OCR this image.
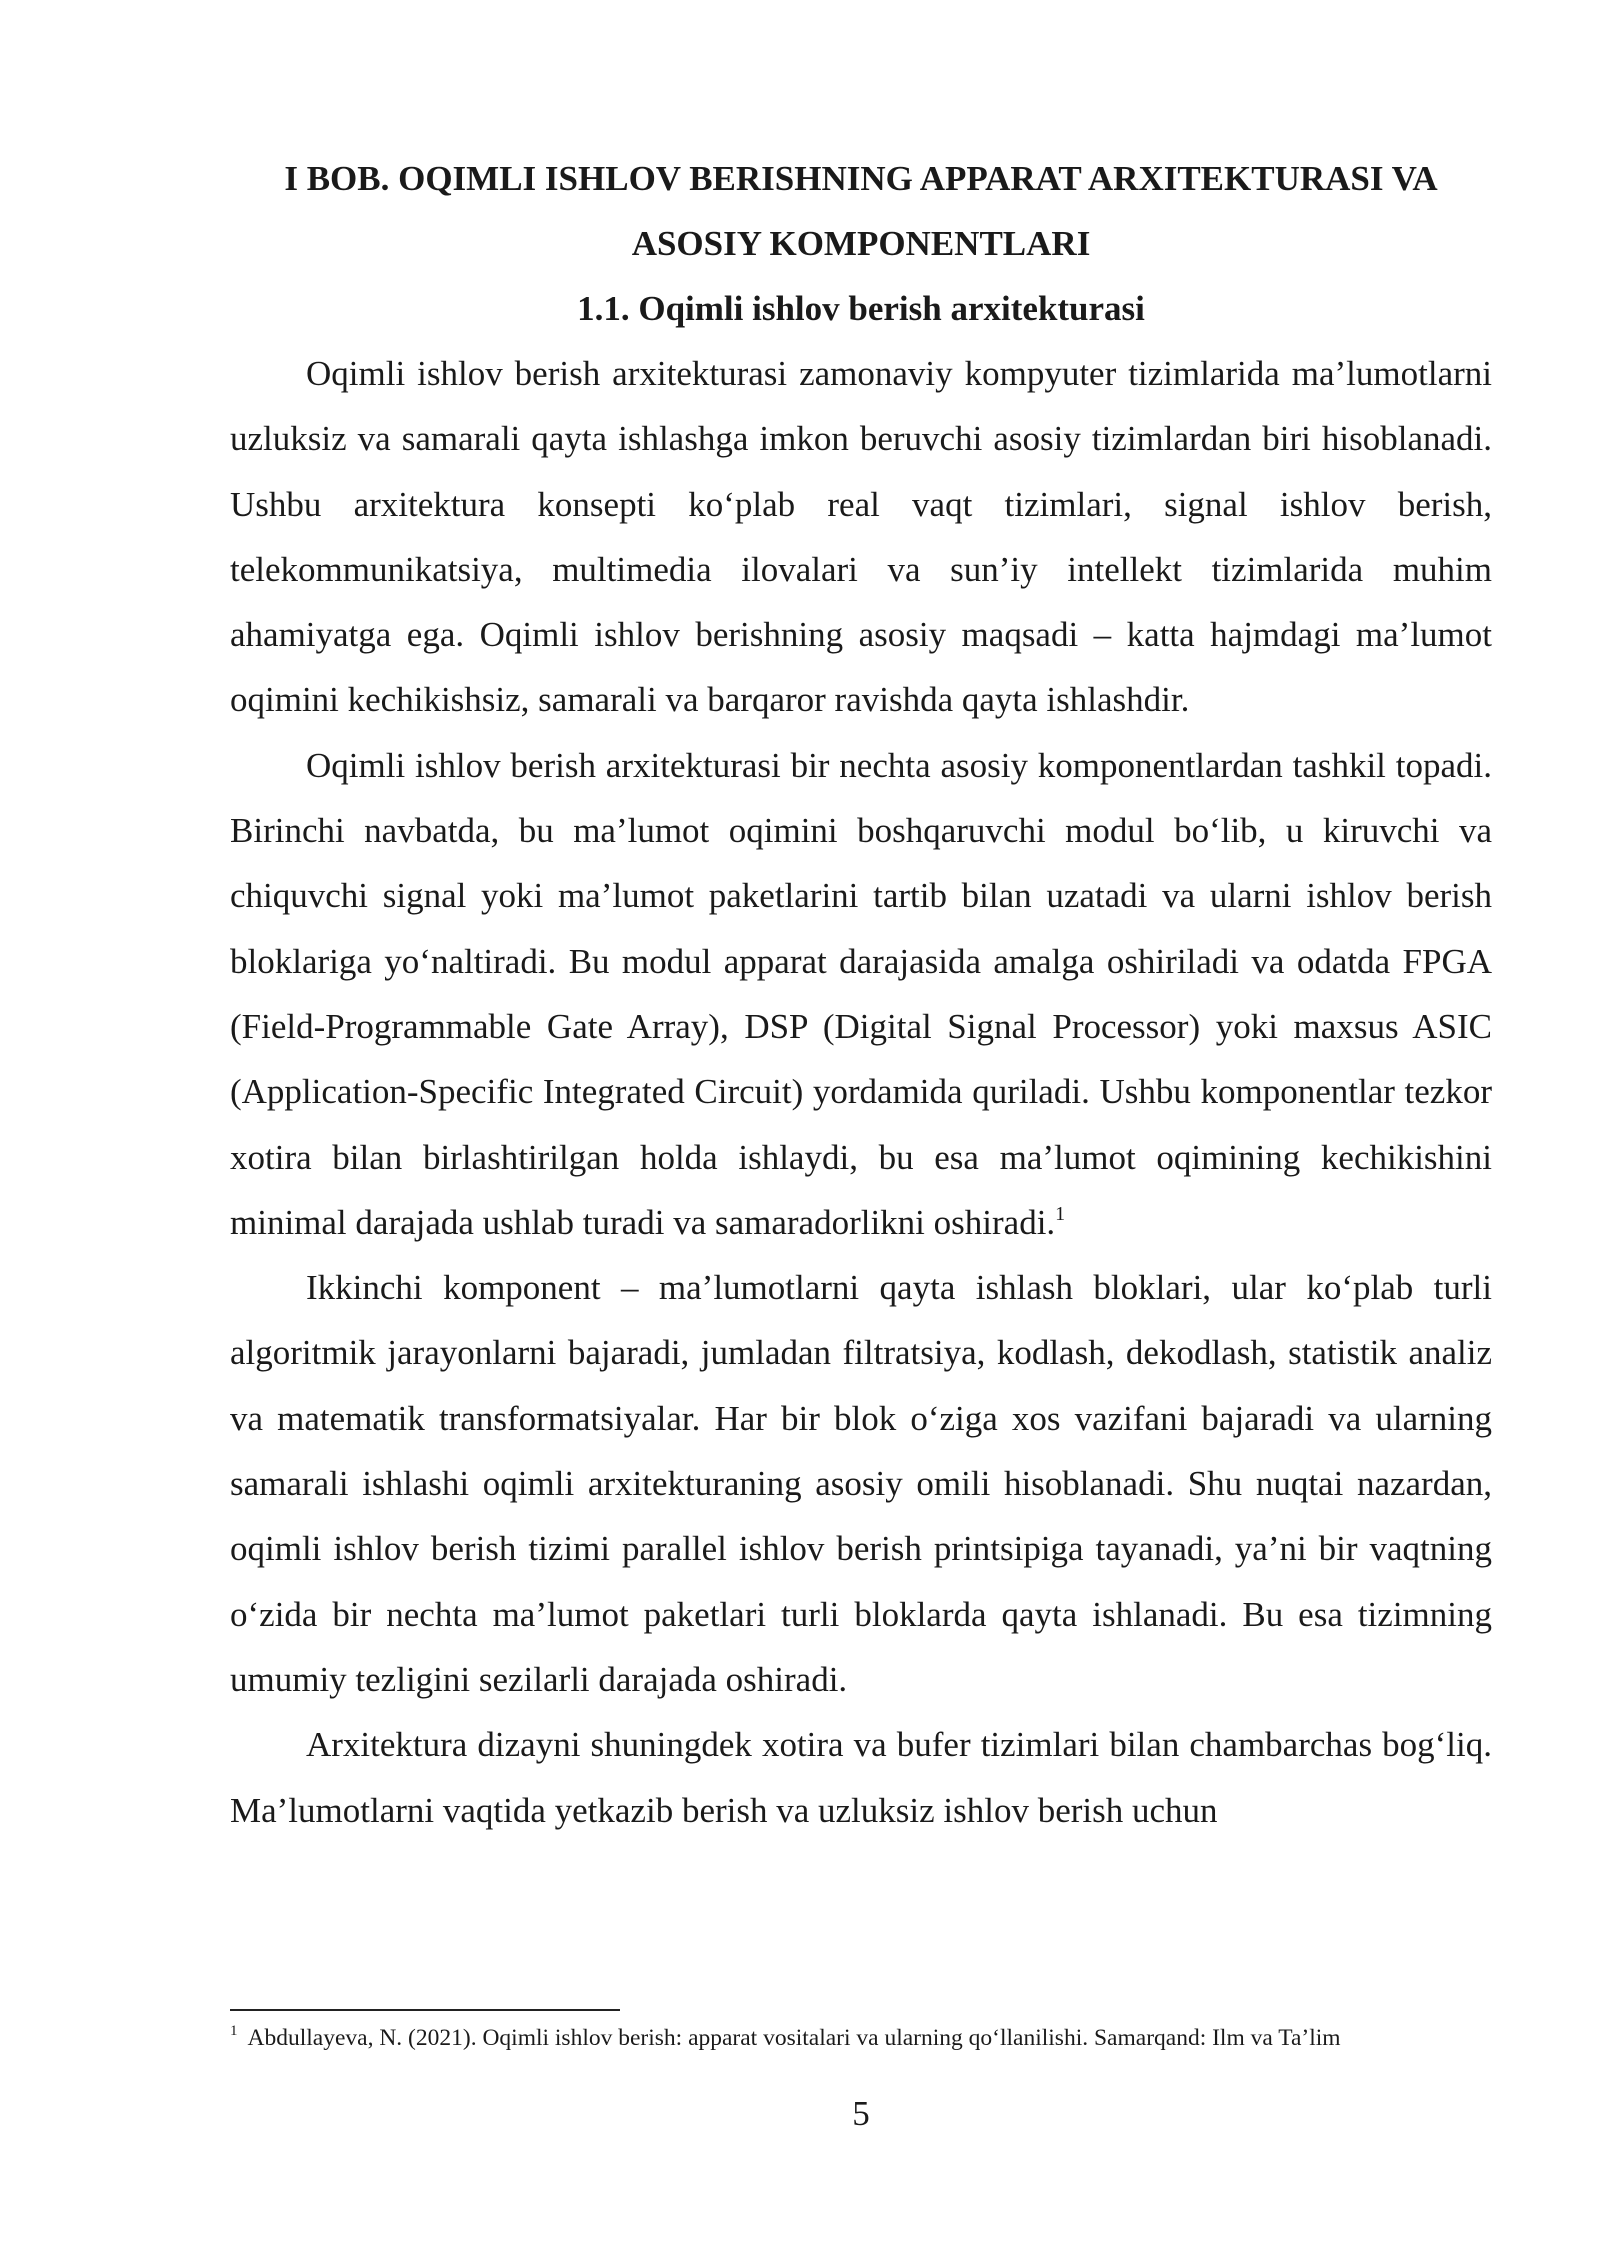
I BOB. OQIMLI ISHLOV BERISHNING APPARAT ARXITEKTURASI VA
ASOSIY KOMPONENTLARI
1.1. Oqimli ishlov berish arxitekturasi

Oqimli ishlov berish arxitekturasi zamonaviy kompyuter tizimlarida ma’lumotlarni uzluksiz va samarali qayta ishlashga imkon beruvchi asosiy tizimlardan biri hisoblanadi. Ushbu arxitektura konsepti ko‘plab real vaqt tizimlari, signal ishlov berish, telekommunikatsiya, multimedia ilovalari va sun’iy intellekt tizimlarida muhim ahamiyatga ega. Oqimli ishlov berishning asosiy maqsadi – katta hajmdagi ma’lumot oqimini kechikishsiz, samarali va barqaror ravishda qayta ishlashdir.

Oqimli ishlov berish arxitekturasi bir nechta asosiy komponentlardan tashkil topadi. Birinchi navbatda, bu ma’lumot oqimini boshqaruvchi modul bo‘lib, u kiruvchi va chiquvchi signal yoki ma’lumot paketlarini tartib bilan uzatadi va ularni ishlov berish bloklariga yo‘naltiradi. Bu modul apparat darajasida amalga oshiriladi va odatda FPGA (Field-Programmable Gate Array), DSP (Digital Signal Processor) yoki maxsus ASIC (Application-Specific Integrated Circuit) yordamida quriladi. Ushbu komponentlar tezkor xotira bilan birlashtirilgan holda ishlaydi, bu esa ma’lumot oqimining kechikishini minimal darajada ushlab turadi va samaradorlikni oshiradi.$^1$

Ikkinchi komponent – ma’lumotlarni qayta ishlash bloklari, ular ko‘plab turli algoritmik jarayonlarni bajaradi, jumladan filtratsiya, kodlash, dekodlash, statistik analiz va matematik transformatsiyalar. Har bir blok o‘ziga xos vazifani bajaradi va ularning samarali ishlashi oqimli arxitekturaning asosiy omili hisoblanadi. Shu nuqtai nazardan, oqimli ishlov berish tizimi parallel ishlov berish printsipiga tayanadi, ya’ni bir vaqtning o‘zida bir nechta ma’lumot paketlari turli bloklarda qayta ishlanadi. Bu esa tizimning umumiy tezligini sezilarli darajada oshiradi.

Arxitektura dizayni shuningdek xotira va bufer tizimlari bilan chambarchas bog‘liq. Ma’lumotlarni vaqtida yetkazib berish va uzluksiz ishlov berish uchun

$^1$ Abdullayeva, N. (2021). Oqimli ishlov berish: apparat vositalari va ularning qo‘llanilishi. Samarqand: Ilm va Ta’lim

5
